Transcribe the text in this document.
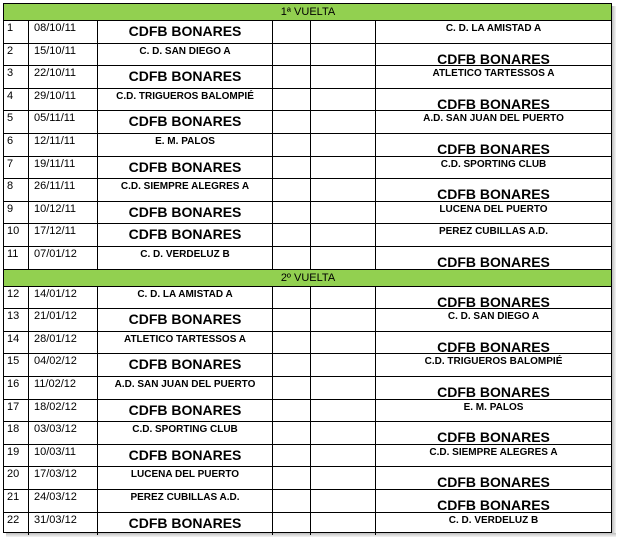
1ª VUELTA
1	08/10/11	CDFB BONARES	C. D. LA AMISTAD A
2	15/10/11	C. D. SAN DIEGO A	CDFB BONARES
3	22/10/11	CDFB BONARES	ATLETICO TARTESSOS A
4	29/10/11	C.D. TRIGUEROS BALOMPIÉ	CDFB BONARES
5	05/11/11	CDFB BONARES	A.D. SAN JUAN DEL PUERTO
6	12/11/11	E. M. PALOS	CDFB BONARES
7	19/11/11	CDFB BONARES	C.D. SPORTING CLUB
8	26/11/11	C.D. SIEMPRE ALEGRES A	CDFB BONARES
9	10/12/11	CDFB BONARES	LUCENA DEL PUERTO
10	17/12/11	CDFB BONARES	PEREZ CUBILLAS A.D.
11	07/01/12	C. D. VERDELUZ B	CDFB BONARES
2º VUELTA
12	14/01/12	C. D. LA AMISTAD A	CDFB BONARES
13	21/01/12	CDFB BONARES	C. D. SAN DIEGO A
14	28/01/12	ATLETICO TARTESSOS A	CDFB BONARES
15	04/02/12	CDFB BONARES	C.D. TRIGUEROS BALOMPIÉ
16	11/02/12	A.D. SAN JUAN DEL PUERTO	CDFB BONARES
17	18/02/12	CDFB BONARES	E. M. PALOS
18	03/03/12	C.D. SPORTING CLUB	CDFB BONARES
19	10/03/11	CDFB BONARES	C.D. SIEMPRE ALEGRES A
20	17/03/12	LUCENA DEL PUERTO	CDFB BONARES
21	24/03/12	PEREZ CUBILLAS A.D.	CDFB BONARES
22	31/03/12	CDFB BONARES	C. D. VERDELUZ B
